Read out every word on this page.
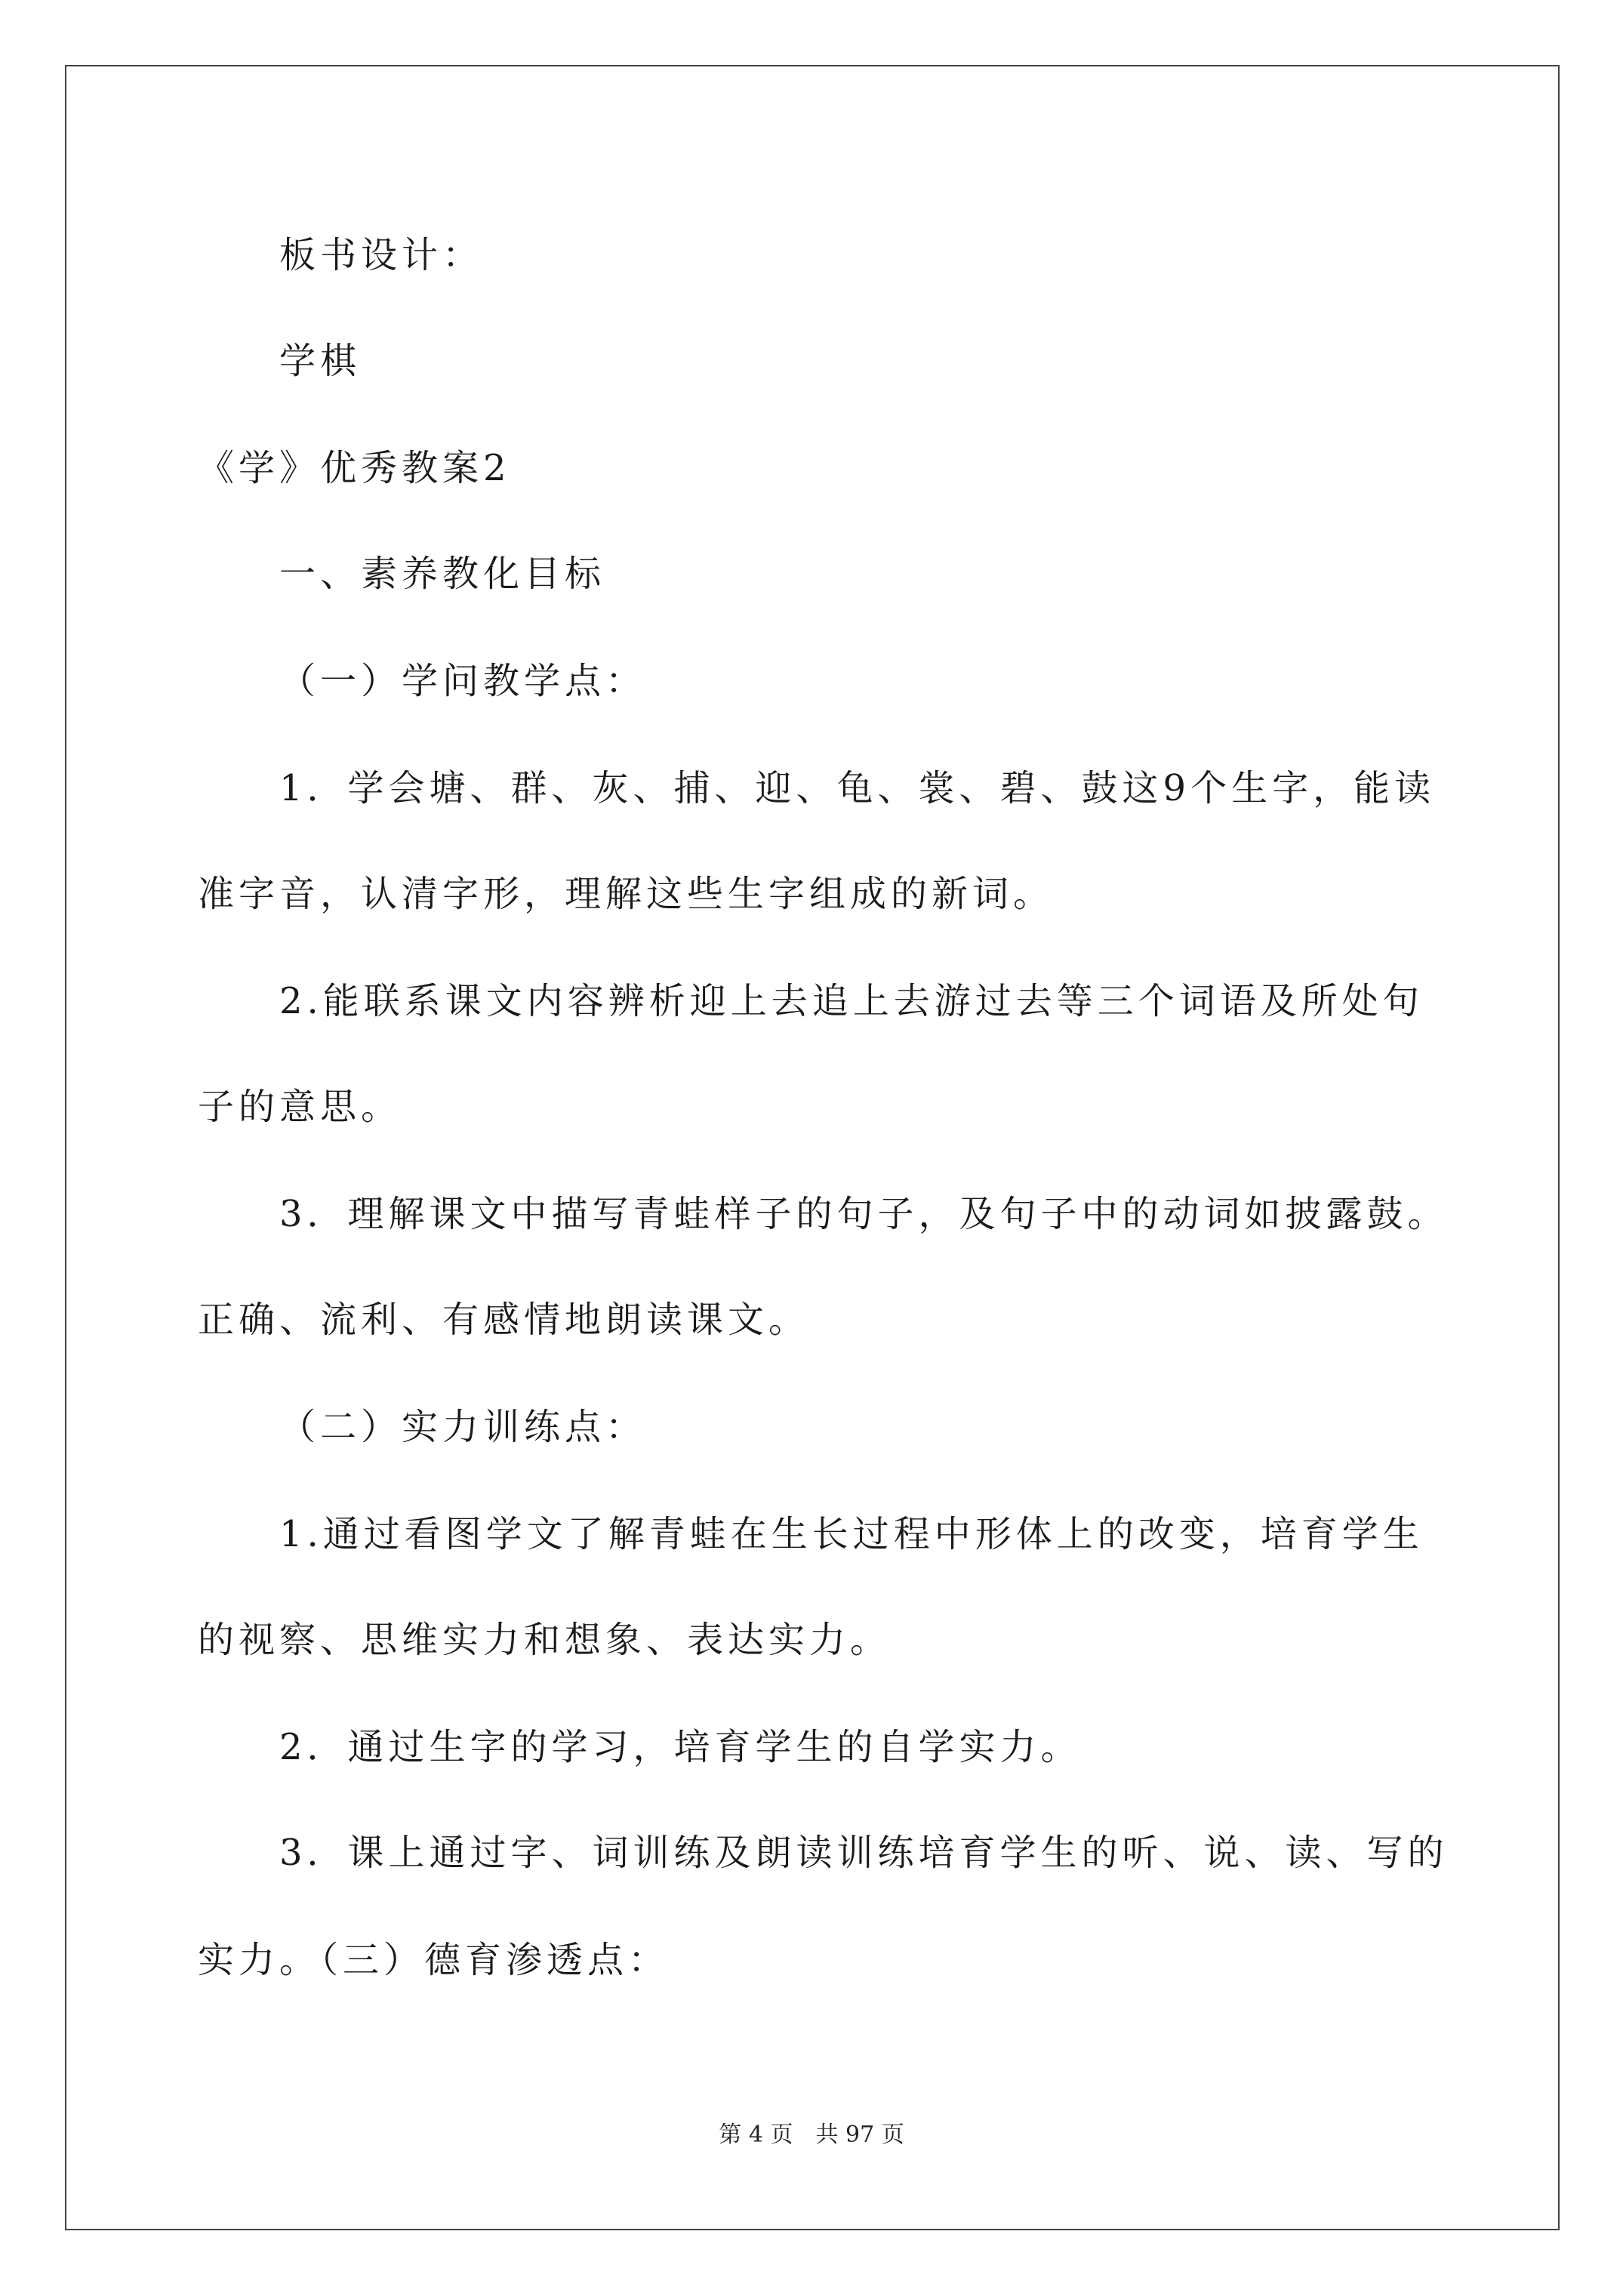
板书设计：
学棋
《学》优秀教案2
一、素养教化目标
（一）学问教学点：
1．学会塘、群、灰、捕、迎、龟、裳、碧、鼓这9个生字，能读
准字音，认清字形，理解这些生字组成的新词。
2.能联系课文内容辨析迎上去追上去游过去等三个词语及所处句
子的意思。
3．理解课文中描写青蛙样子的句子，及句子中的动词如披露鼓。
正确、流利、有感情地朗读课文。
（二）实力训练点：
1.通过看图学文了解青蛙在生长过程中形体上的改变，培育学生
的视察、思维实力和想象、表达实力。
2．通过生字的学习，培育学生的自学实力。
3．课上通过字、词训练及朗读训练培育学生的听、说、读、写的
实力。（三）德育渗透点：
第 4 页　共 97 页
